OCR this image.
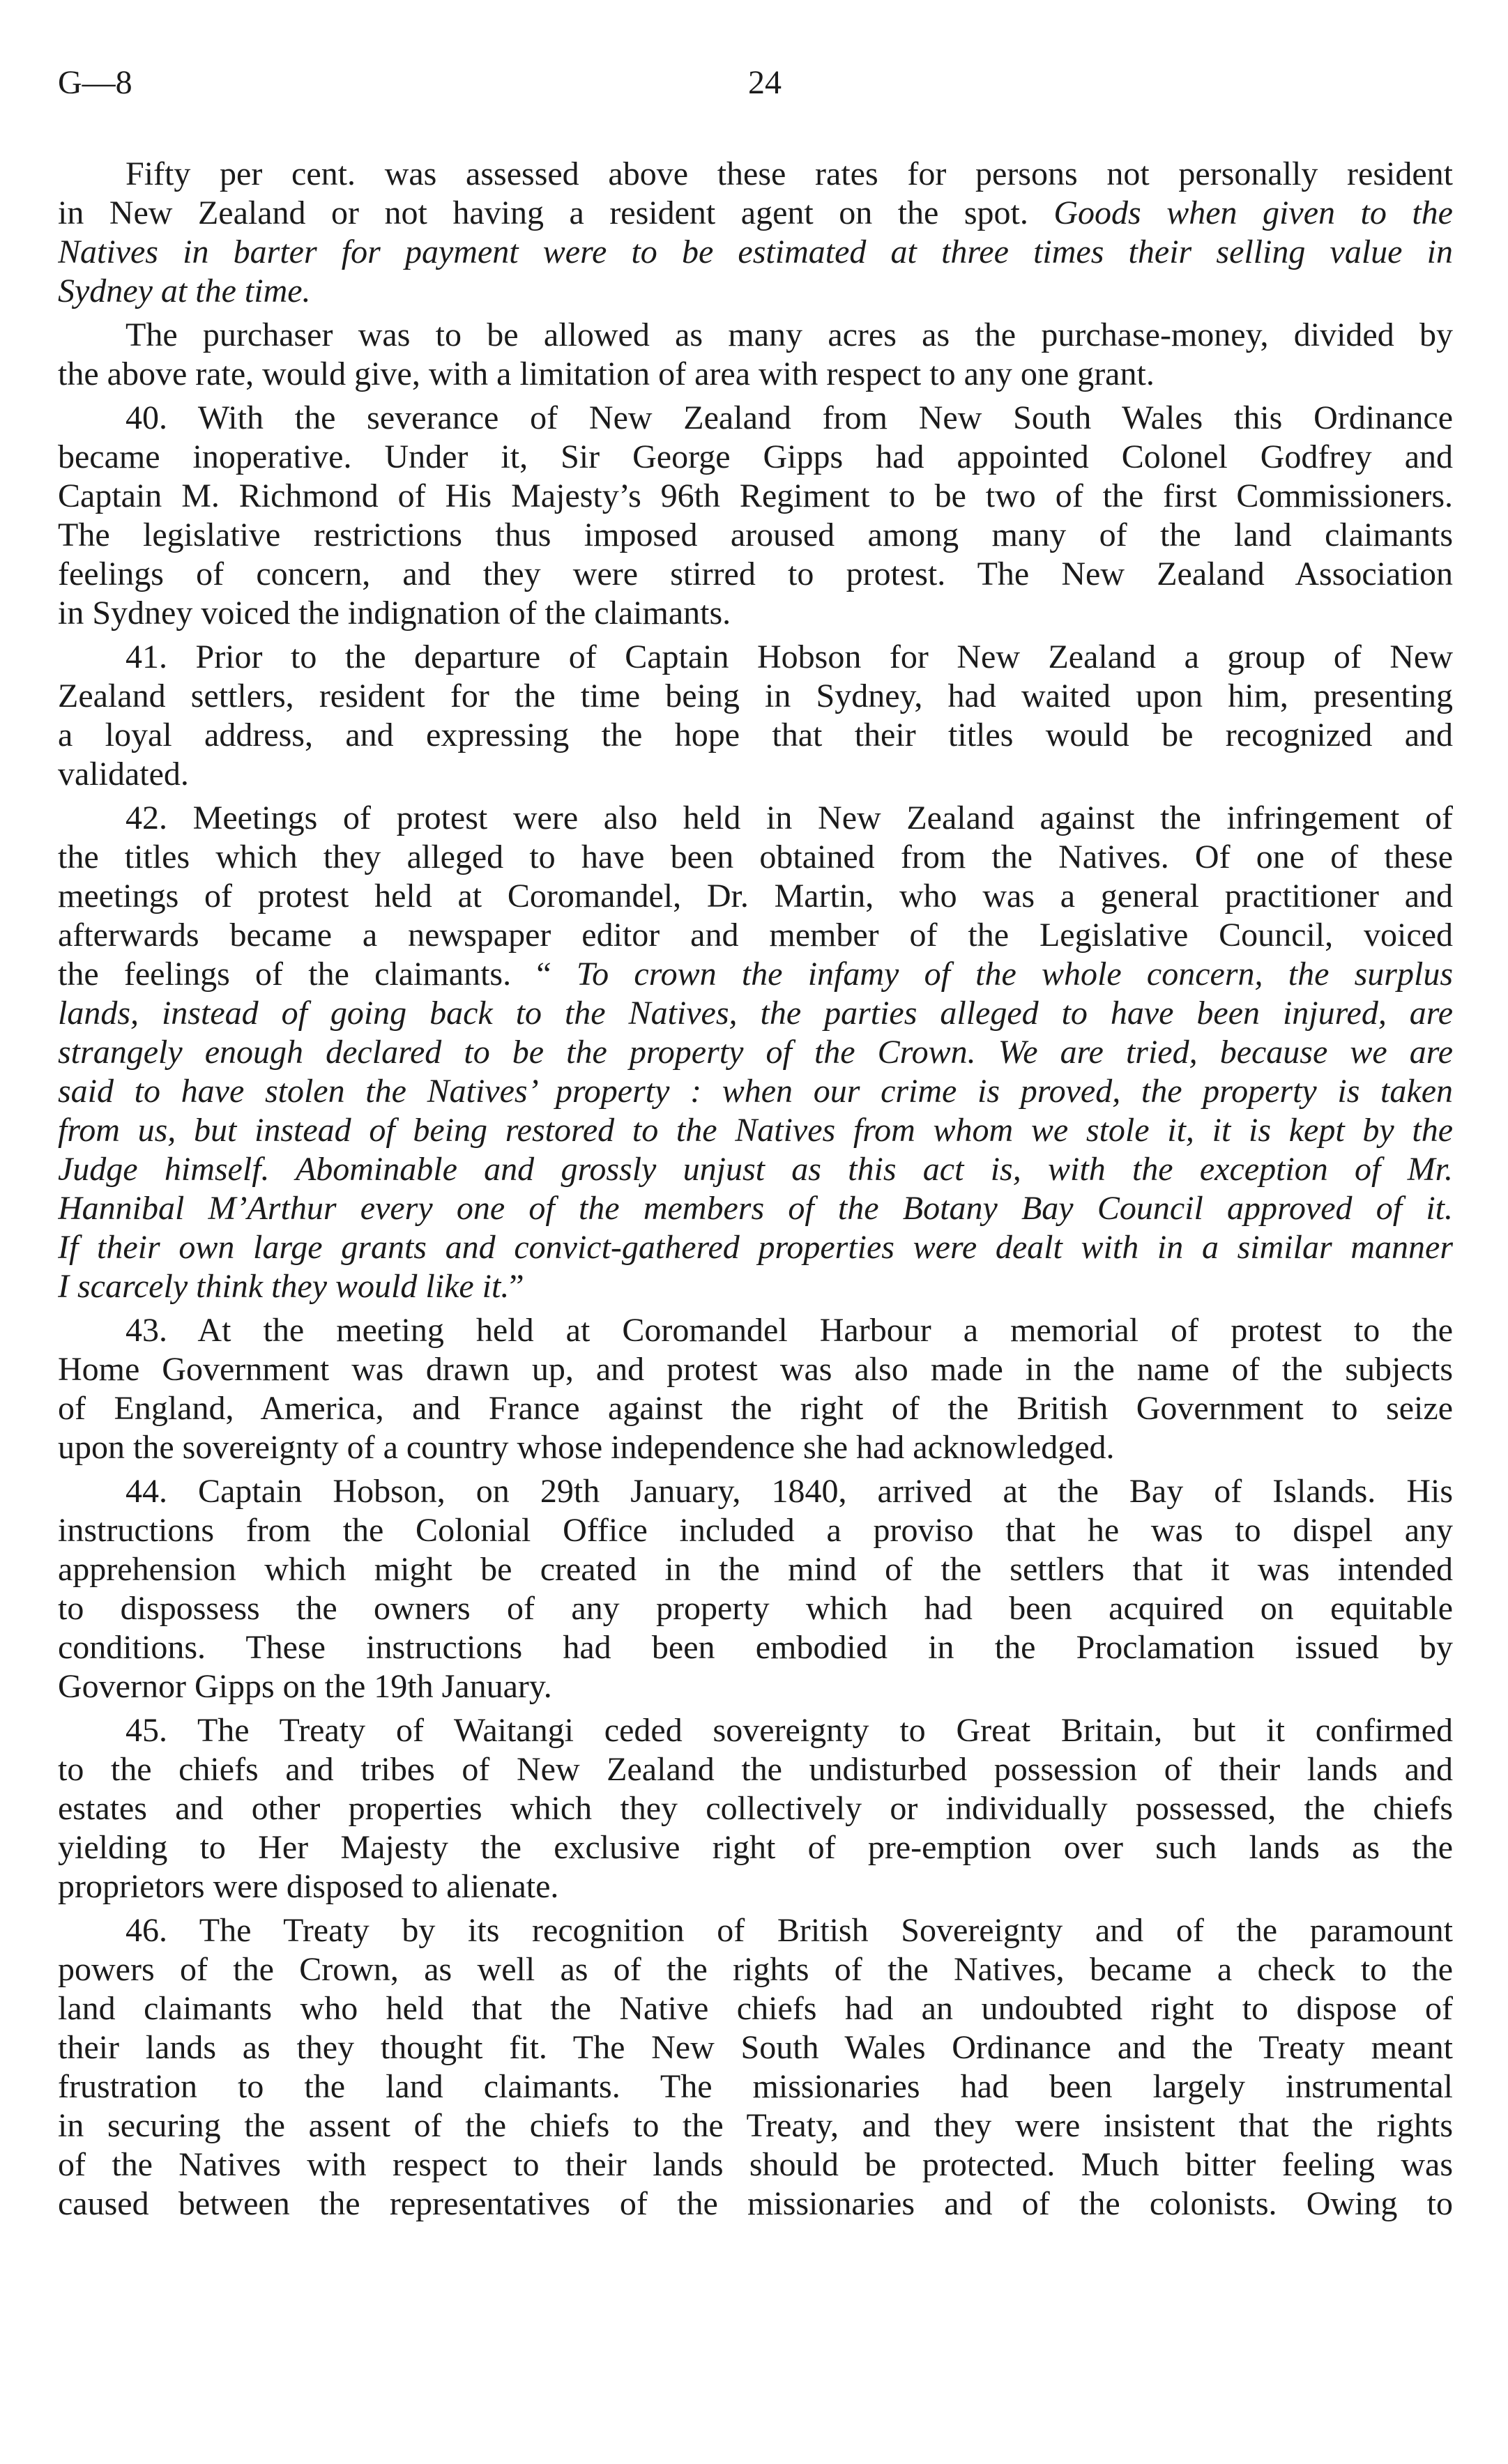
G—8	24
Fifty per cent. was assessed above these rates for persons not personally resident
in New Zealand or not having a resident agent on the spot. Goods when given to the
Natives in barter for payment were to be estimated at three times their selling value in
Sydney at the time.
The purchaser was to be allowed as many acres as the purchase-money, divided by
the above rate, would give, with a limitation of area with respect to any one grant.
40. With the severance of New Zealand from New South Wales this Ordinance
became inoperative. Under it, Sir George Gipps had appointed Colonel Godfrey and
Captain M. Richmond of His Majesty’s 96th Regiment to be two of the first Commissioners.
The legislative restrictions thus imposed aroused among many of the land claimants
feelings of concern, and they were stirred to protest. The New Zealand Association
in Sydney voiced the indignation of the claimants.
41. Prior to the departure of Captain Hobson for New Zealand a group of New
Zealand settlers, resident for the time being in Sydney, had waited upon him, presenting
a loyal address, and expressing the hope that their titles would be recognized and
validated.
42. Meetings of protest were also held in New Zealand against the infringement of
the titles which they alleged to have been obtained from the Natives. Of one of these
meetings of protest held at Coromandel, Dr. Martin, who was a general practitioner and
afterwards became a newspaper editor and member of the Legislative Council, voiced
the feelings of the claimants. “ To crown the infamy of the whole concern, the surplus
lands, instead of going back to the Natives, the parties alleged to have been injured, are
strangely enough declared to be the property of the Crown. We are tried, because we are
said to have stolen the Natives’ property : when our crime is proved, the property is taken
from us, but instead of being restored to the Natives from whom we stole it, it is kept by the
Judge himself. Abominable and grossly unjust as this act is, with the exception of Mr.
Hannibal M’Arthur every one of the members of the Botany Bay Council approved of it.
If their own large grants and convict-gathered properties were dealt with in a similar manner
I scarcely think they would like it.”
43. At the meeting held at Coromandel Harbour a memorial of protest to the
Home Government was drawn up, and protest was also made in the name of the subjects
of England, America, and France against the right of the British Government to seize
upon the sovereignty of a country whose independence she had acknowledged.
44. Captain Hobson, on 29th January, 1840, arrived at the Bay of Islands. His
instructions from the Colonial Office included a proviso that he was to dispel any
apprehension which might be created in the mind of the settlers that it was intended
to dispossess the owners of any property which had been acquired on equitable
conditions. These instructions had been embodied in the Proclamation issued by
Governor Gipps on the 19th January.
45. The Treaty of Waitangi ceded sovereignty to Great Britain, but it confirmed
to the chiefs and tribes of New Zealand the undisturbed possession of their lands and
estates and other properties which they collectively or individually possessed, the chiefs
yielding to Her Majesty the exclusive right of pre-emption over such lands as the
proprietors were disposed to alienate.
46. The Treaty by its recognition of British Sovereignty and of the paramount
powers of the Crown, as well as of the rights of the Natives, became a check to the
land claimants who held that the Native chiefs had an undoubted right to dispose of
their lands as they thought fit. The New South Wales Ordinance and the Treaty meant
frustration to the land claimants. The missionaries had been largely instrumental
in securing the assent of the chiefs to the Treaty, and they were insistent that the rights
of the Natives with respect to their lands should be protected. Much bitter feeling was
caused between the representatives of the missionaries and of the colonists. Owing to
